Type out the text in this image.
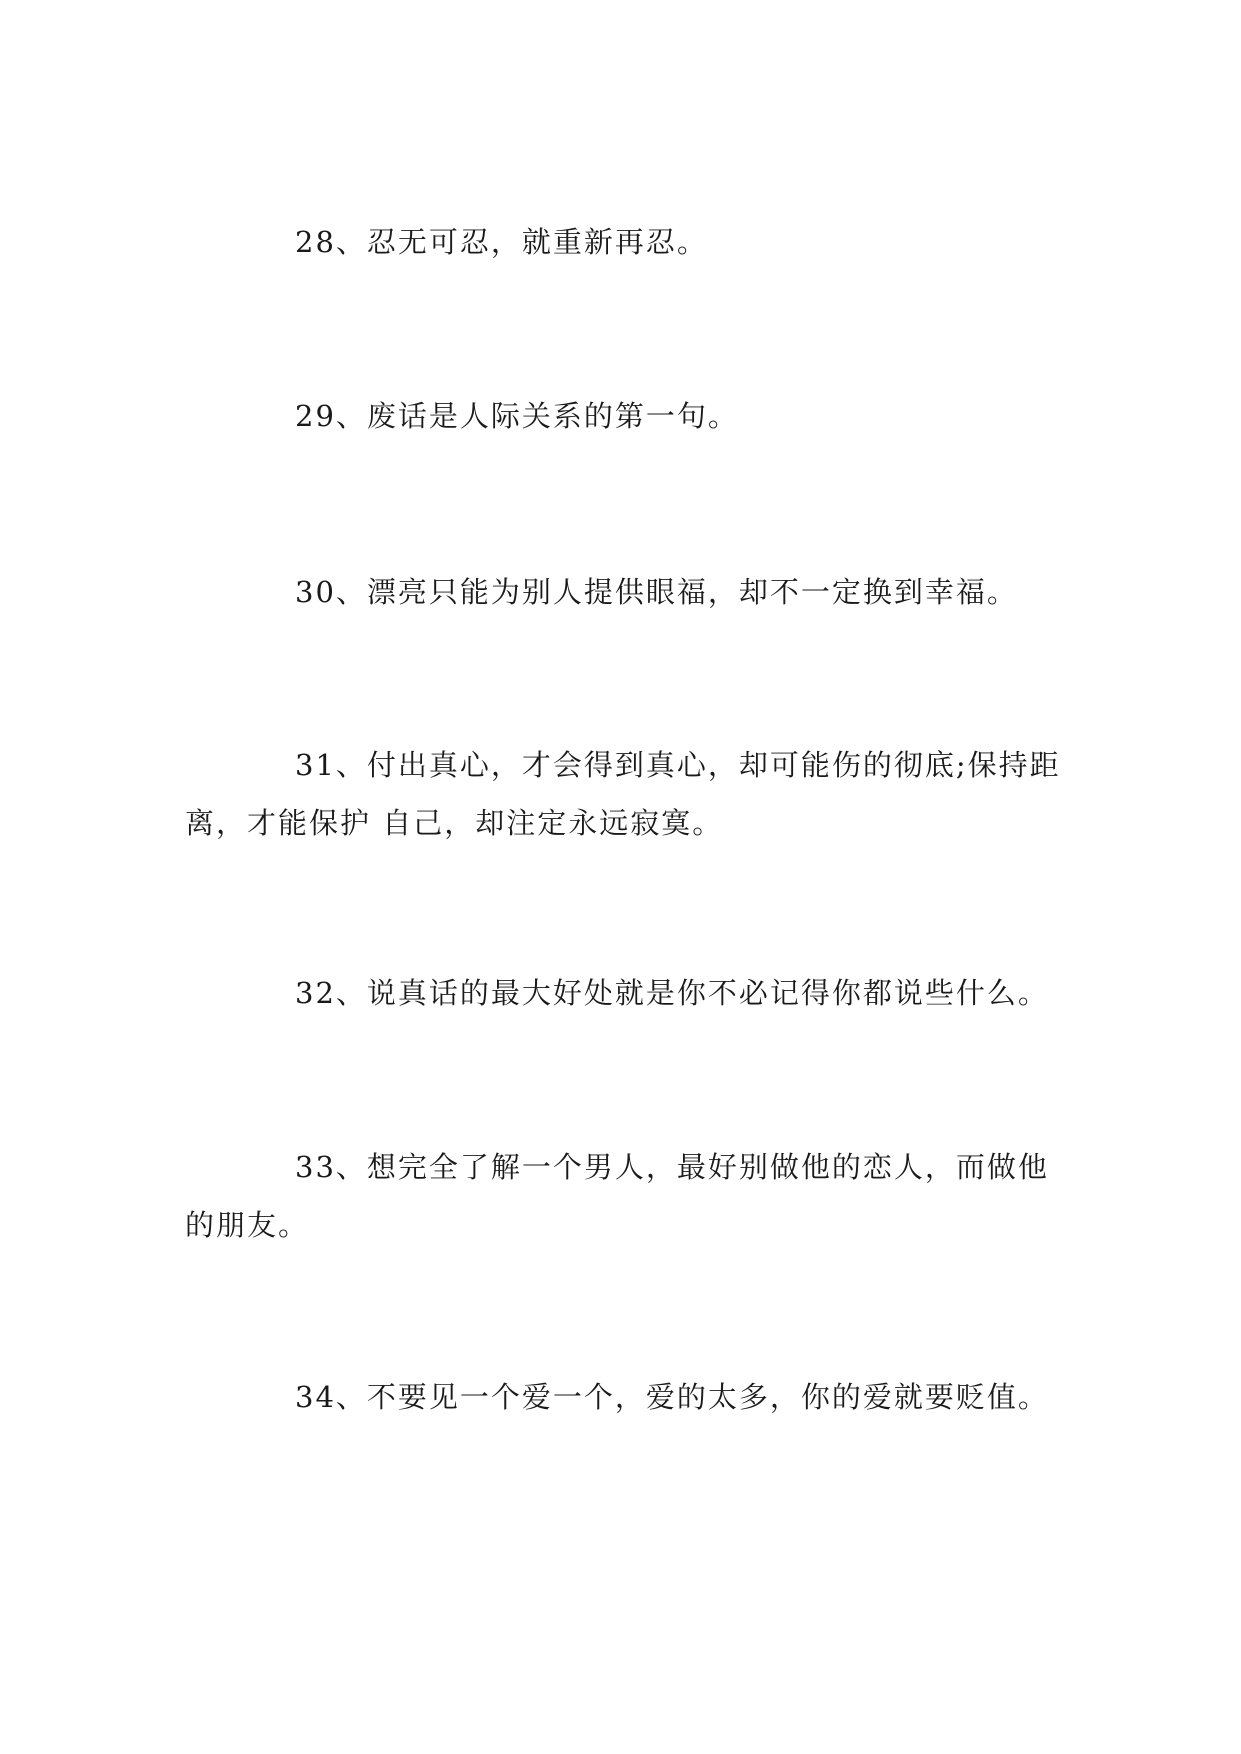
28、忍无可忍，就重新再忍。

29、废话是人际关系的第一句。

30、漂亮只能为别人提供眼福，却不一定换到幸福。

31、付出真心，才会得到真心，却可能伤的彻底;保持距离，才能保护 自己，却注定永远寂寞。

32、说真话的最大好处就是你不必记得你都说些什么。

33、想完全了解一个男人，最好别做他的恋人，而做他的朋友。

34、不要见一个爱一个，爱的太多，你的爱就要贬值。
